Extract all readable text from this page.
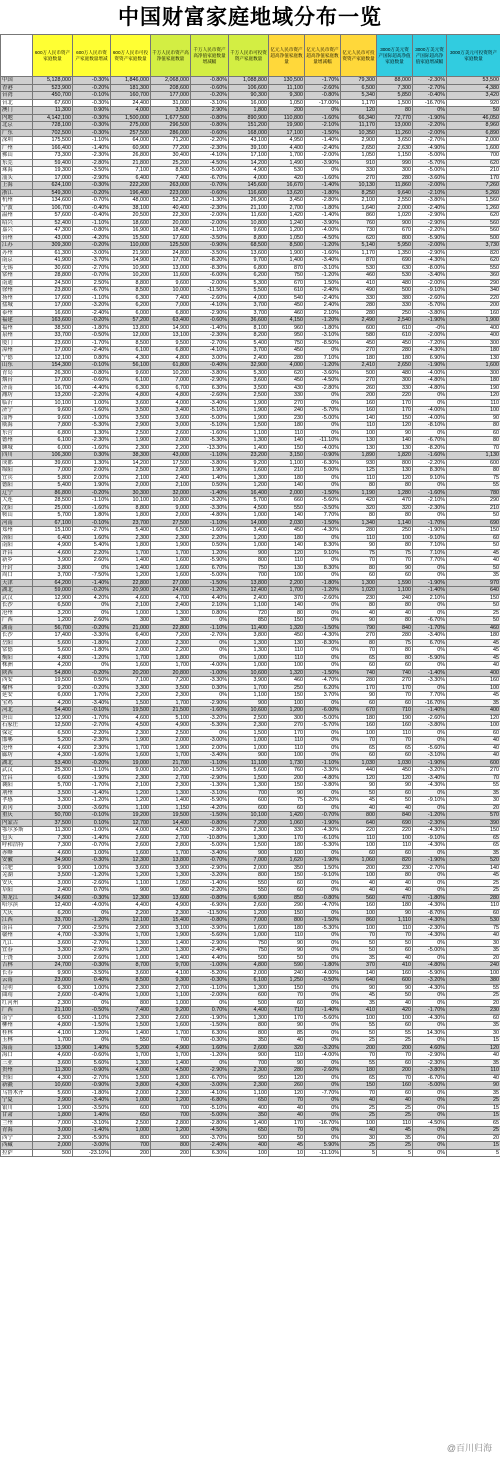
中国财富家庭地域分布一览
	600万人民币资产家庭数量	600万人民币资产家庭数量增减	600万人民币可投资资产家庭数量	千万人民币资产高净值家庭数量	千万人民币资产高净值家庭数量增减幅	千万人民币可投资资产家庭数量	亿元人民币资产超高净值家庭数量	亿元人民币资产超高净值家庭数量增减幅	亿元人民币可投资资产家庭数量	3000万美元资产国际超高净值家庭数量	3000万美元资产国际超高净值家庭增减幅	3000万美元可投资资产家庭数量
中国	5,128,000	-0.30%	1,846,000	2,068,000	-0.80%	1,088,800	130,500	-1.70%	79,300	88,000	-2.30%	53,500
香港	523,900	-0.20%	181,300	208,600	-0.60%	106,600	11,100	-2.60%	6,500	7,300	-2.70%	4,380
台湾	450,700	-0.10%	160,700	177,000	-0.20%	90,300	9,300	-0.80%	5,340	5,850	-0.40%	3,420
台北	67,600	-0.30%	24,400	31,000	-3.10%	16,000	1,050	-17.00%	1,170	1,500	-16.70%	920
澳门	11,300	0.90%	4,000	3,500	2.90%	1,800	200	0%	120	80	0%	50
内地	4,142,100	-0.30%	1,500,000	1,677,500	-0.80%	890,900	110,800	-1.60%	66,340	72,770	-1.90%	46,050
北京	728,100	-0.30%	275,000	296,500	-0.80%	151,200	19,900	-2.10%	11,170	13,000	-2.20%	8,960
广东	702,500	-0.30%	257,500	286,000	-0.60%	168,000	17,100	-1.50%	10,350	11,260	-2.00%	6,890
深圳	175,500	-1.10%	64,000	71,200	-2.20%	43,100	4,950	-1.40%	2,900	3,650	-2.70%	2,000
广州	166,400	-1.40%	60,900	77,200	-2.30%	39,100	4,400	-2.40%	2,650	2,630	-4.90%	1,600
佛山	73,300	-2.30%	26,800	30,400	-4.10%	17,100	1,700	-2.00%	1,050	1,150	-5.00%	700
东莞	59,400	-2.80%	21,800	25,200	-4.50%	14,200	1,490	-3.90%	910	990	-5.70%	620
珠海	19,300	-3.50%	7,100	8,500	-5.00%	4,900	530	0%	330	300	-5.00%	210
汕头	17,000	-2.90%	6,400	7,400	-6.70%	4,000	420	-1.60%	270	280	-3.60%	170
上海	624,100	-0.30%	222,200	263,000	-0.70%	145,600	16,670	-1.40%	10,130	11,860	-2.00%	7,260
浙江	549,300	-0.20%	196,400	223,000	-0.60%	116,600	13,620	-1.80%	8,250	9,640	-2.10%	5,260
杭州	134,600	-0.70%	48,000	52,200	-1.30%	26,900	3,450	-2.80%	2,100	2,550	-3.80%	1,560
宁波	106,700	-0.40%	38,100	40,400	-2.30%	21,100	2,700	-1.80%	1,640	2,000	-2.40%	1,260
温州	57,600	-0.40%	20,500	22,300	-2.00%	11,600	1,420	-1.40%	860	1,020	-2.90%	620
绍兴	52,400	-1.10%	18,600	20,000	-2.00%	10,800	1,240	-3.90%	760	900	-2.90%	560
嘉兴	47,300	-0.80%	16,900	18,400	-1.10%	9,600	1,200	-4.00%	730	670	-2.20%	560
台州	43,000	-4.20%	15,500	17,600	-3.50%	8,800	1,050	-4.50%	620	800	-5.90%	500
江苏	309,300	-0.20%	110,000	125,500	-0.90%	68,500	8,500	-1.20%	5,140	5,950	-2.00%	3,730
苏州	61,300	-3.00%	21,900	24,800	-3.50%	13,600	1,900	-1.60%	1,170	1,350	-2.90%	820
南京	41,900	-3.70%	14,900	17,700	-8.20%	9,700	1,400	-3.40%	870	690	-4.30%	620
无锡	30,600	-2.70%	10,900	13,000	-8.30%	6,800	870	-3.10%	530	630	-8.00%	550
常州	28,800	-0.70%	10,200	11,600	-6.00%	6,200	750	-1.20%	460	530	-3.40%	360
南通	24,500	2.50%	8,800	9,600	-2.00%	5,300	670	1.50%	410	480	-2.00%	290
徐州	23,800	-6.70%	8,500	10,000	-11.50%	5,500	610	-2.40%	490	500	-9.10%	340
扬州	17,600	-1.10%	6,300	7,400	-2.60%	4,000	540	-2.40%	330	380	-2.60%	220
盐城	17,000	-3.20%	6,200	7,000	-4.10%	3,700	450	2.40%	280	330	-5.70%	200
泰州	16,600	-2.40%	6,000	6,800	-2.90%	3,700	460	2.10%	280	250	-3.80%	160
福建	163,600	-0.20%	57,200	63,400	-0.60%	36,600	4,150	-1.20%	2,490	2,540	-1.90%	1,900
福州	38,500	-1.80%	13,800	14,900	-1.40%	8,100	960	-1.80%	600	610	-0%	400
泉州	33,700	-0.50%	12,000	13,100	-2.30%	8,200	950	-3.10%	580	610	-2.00%	400
厦门	23,600	-1.70%	8,500	9,500	-2.70%	5,400	750	-8.50%	450	450	-7.20%	300
漳州	17,000	-2.40%	6,100	6,800	-4.10%	3,700	450	0%	270	280	-4.30%	180
宁德	12,100	0.80%	4,300	4,800	3.00%	2,400	280	7.10%	180	180	6.90%	130
山东	154,300	-0.10%	56,100	61,800	-0.40%	32,900	4,000	-1.20%	2,410	2,650	-1.90%	1,600
青岛	26,300	-0.80%	9,600	10,200	-3.80%	5,300	620	-3.60%	500	480	-4.00%	300
烟台	17,000	-0.60%	6,100	7,000	-2.90%	3,600	450	-4.50%	270	300	-4.80%	180
济南	16,700	-4.40%	6,300	6,700	6.30%	3,500	430	-2.80%	260	330	-4.80%	190
潍坊	13,200	-2.20%	4,800	4,800	-2.60%	2,500	330	0%	200	220	0%	120
临沂	10,100	1.00%	3,600	4,000	-3.40%	1,900	270	0%	160	170	0%	110
济宁	9,600	-1.60%	3,500	3,400	-5.10%	1,900	240	-5.70%	160	170	-4.00%	100
淄博	9,600	-1.00%	3,500	3,600	-5.00%	1,900	230	-5.00%	140	150	-4.00%	90
威海	7,800	-5.30%	2,900	3,000	-5.10%	1,500	180	0%	110	120	-8.10%	80
东营	6,800	1.30%	2,500	2,600	-1.60%	1,100	110	0%	100	90	0%	60
德州	6,100	-2.30%	1,900	2,000	-5.30%	1,300	140	-11.10%	130	140	-6.70%	80
聊城	6,000	-1.60%	2,300	2,200	-13.30%	1,400	150	-4.00%	130	130	-8.20%	70
四川	106,300	0.30%	38,300	43,000	-1.10%	23,200	3,150	-0.90%	1,890	1,820	-1.60%	1,130
成都	39,600	1.30%	14,200	17,500	-3.80%	9,200	1,100	-6.30%	930	800	-2.20%	600
绵阳	7,000	2.00%	2,500	2,900	1.90%	1,600	210	5.00%	125	130	8.30%	80
宜宾	5,800	2.00%	2,100	2,400	1.40%	1,300	180	0%	110	120	9.10%	75
德阳	5,400	1.90%	2,000	2,100	0.50%	1,200	140	0%	80	80	0%	55
辽宁	86,800	-0.20%	30,300	32,000	-1.40%	16,400	2,000	-1.50%	1,190	1,280	-1.60%	780
大连	28,500	-1.10%	10,100	10,800	-3.20%	5,700	660	-5.60%	420	470	-2.10%	290
沈阳	25,000	-1.60%	8,800	9,000	-3.30%	4,500	550	-3.50%	320	320	-2.30%	210
鞍山	5,700	1.80%	1,800	2,000	-4.80%	1,000	140	7.70%	80	80	0%	50
河南	67,100	-0.10%	23,700	27,500	-1.10%	14,000	2,030	-1.50%	1,340	1,140	-1.70%	690
郑州	15,100	-2.70%	5,400	6,500	-1.60%	3,400	450	-4.30%	280	250	-1.90%	150
洛阳	6,400	1.60%	2,300	2,300	2.20%	1,200	180	0%	110	100	-9.10%	60
南阳	4,900	5.40%	1,800	1,900	0.50%	1,000	140	8.30%	90	80	7.10%	50
许昌	4,600	2.20%	1,700	1,700	1.20%	900	120	9.10%	75	75	7.10%	45
新乡	3,900	2.60%	1,400	1,600	-5.90%	800	110	0%	70	70	7.70%	40
开封	3,800	0%	1,400	1,600	6.70%	750	130	8.30%	80	90	0%	50
周口	3,700	-7.50%	1,200	1,600	-5.00%	700	100	0%	60	60	0%	35
天津	64,200	-1.40%	22,800	27,000	-1.50%	13,800	2,200	-1.80%	1,300	1,590	-1.90%	970
湖北	59,000	-0.20%	20,900	24,000	-1.20%	12,400	1,700	-1.20%	1,020	1,100	-1.40%	640
武汉	12,900	4.20%	4,600	4,700	4.40%	2,400	370	-2.60%	230	240	2.10%	150
长沙	6,500	0%	2,100	2,400	2.10%	1,100	140	0%	80	80	0%	50
沧州	3,200	0%	1,000	1,300	0.80%	720	80	0%	40	40	0%	25
广西	1,200	2.60%	300	300	0%	850	150	0%	90	80	-6.70%	50
湖南	56,700	-0.20%	21,000	22,800	-1.10%	11,400	1,320	-1.50%	790	840	-1.70%	460
长沙	17,400	-3.30%	6,400	7,200	-2.70%	3,800	450	-4.30%	270	280	-3.40%	180
岳阳	5,600	-1.80%	2,000	2,300	0%	1,300	130	-8.30%	80	75	6.70%	45
常德	5,600	-1.80%	2,000	2,200	0%	1,300	110	0%	70	80	0%	45
衡阳	4,800	-1.20%	1,700	1,800	0%	1,000	110	0%	65	80	-5.90%	45
株洲	4,200	0%	1,600	1,700	-4.00%	1,000	100	0%	60	60	0%	40
陕西	54,800	-0.20%	20,200	20,800	-1.00%	10,600	1,320	-1.50%	740	740	-1.40%	400
西安	19,500	0.50%	7,100	7,200	-3.30%	3,900	460	-4.70%	280	270	-3.30%	160
榆林	9,200	-0.20%	3,300	3,500	0.30%	1,700	250	6.20%	170	170	0%	100
延安	6,000	1.70%	2,200	2,300	0%	1,100	150	3.70%	90	70	7.70%	45
宝鸡	4,200	-3.40%	1,500	1,700	-2.90%	900	100	0%	60	60	-16.70%	35
河北	54,400	-0.10%	19,500	21,500	-1.60%	10,600	1,200	-6.00%	670	710	-1.40%	400
唐山	12,900	-1.70%	4,600	5,100	-3.20%	2,500	300	-5.00%	180	190	-2.60%	120
石家庄	12,500	-2.70%	4,500	4,900	-5.30%	2,300	270	-5.70%	160	160	-3.80%	100
保定	6,500	-2.20%	2,300	2,500	0%	1,500	170	0%	100	110	0%	60
邯郸	5,200	-2.30%	1,900	2,000	-3.00%	1,000	110	0%	70	70	0%	40
沧州	4,600	2.30%	1,700	1,900	2.00%	1,000	110	0%	65	65	-5.60%	40
廊坊	4,300	-1.60%	1,600	1,700	-3.40%	900	100	0%	60	60	-3.10%	40
湖北	53,400	-0.20%	19,000	21,700	-1.10%	11,100	1,730	-1.10%	1,030	1,030	-1.90%	600
武汉	25,300	-1.10%	9,000	10,200	-1.50%	5,600	760	-3.30%	440	450	-3.20%	270
宜昌	6,600	-1.90%	2,300	2,700	-2.90%	1,500	200	-4.80%	120	120	-3.40%	70
襄阳	5,700	-1.70%	2,100	2,300	-1.30%	1,300	150	-3.80%	90	90	-4.30%	55
荆州	3,500	-1.40%	1,200	1,300	-3.10%	700	90	0%	50	60	0%	35
孝感	3,300	-1.20%	1,200	1,400	-5.90%	600	75	-6.20%	45	50	-9.10%	30
黄冈	3,000	-3.60%	1,100	1,150	-4.20%	600	60	0%	40	40	0%	20
重庆	50,700	-0.10%	19,200	19,500	-1.50%	10,100	1,420	-0.70%	800	840	-1.20%	570
内蒙古	37,500	0.10%	12,700	14,400	-0.80%	7,200	1,060	-1.90%	640	690	-2.30%	390
鄂尔多斯	11,300	-1.00%	4,000	4,500	-2.80%	2,300	330	-4.30%	220	220	-4.30%	150
包头	7,300	-1.40%	2,600	2,700	-10.80%	1,300	170	-6.10%	110	100	-9.10%	65
呼和浩特	7,300	-0.70%	2,600	2,800	-5.00%	1,500	180	-5.30%	100	110	-4.30%	65
赤峰	4,600	1.00%	1,600	1,700	-3.40%	900	100	0%	60	60	0%	35
安徽	34,900	-0.30%	12,300	13,800	-0.70%	7,000	1,620	-1.90%	1,060	820	-1.90%	520
合肥	9,900	1.00%	3,600	3,900	-2.90%	2,000	350	1.50%	200	230	-2.70%	140
芜湖	3,500	-1.20%	1,200	1,300	-3.20%	800	150	-9.10%	100	80	0%	45
安庆	3,000	-2.60%	1,100	1,050	-1.40%	550	60	0%	40	40	0%	25
阜阳	2,400	0.70%	900	900	-2.20%	550	60	0%	40	40	0%	25
黑龙江	34,600	-0.30%	12,300	13,600	-0.80%	6,900	850	-0.80%	560	470	-1.80%	280
哈尔滨	12,400	-4.00%	4,400	4,900	-6.90%	2,600	290	-4.70%	160	180	-4.30%	110
大庆	6,200	0%	2,200	2,300	-11.50%	1,200	150	0%	100	90	-8.70%	60
江西	33,700	-1.20%	12,100	15,400	-0.80%	7,000	800	-1.50%	860	1,110	-4.30%	530
南昌	7,900	-2.50%	2,900	3,100	-3.90%	1,600	180	-5.30%	100	110	-2.30%	75
赣州	4,700	-3.30%	1,700	1,900	-5.60%	1,000	110	0%	70	70	-4.30%	40
九江	3,600	-2.70%	1,300	1,400	-2.90%	750	90	0%	50	50	0%	30
宜春	3,300	-2.90%	1,200	1,300	-2.40%	750	90	0%	50	60	-5.00%	35
上饶	3,000	2.60%	1,000	1,400	4.40%	500	50	0%	35	40	0%	20
吉林	24,700	-0.30%	8,700	9,700	-1.00%	4,800	590	-1.80%	370	410	-4.80%	240
长春	9,900	-3.50%	3,600	4,100	-5.20%	2,000	240	-4.00%	140	160	-5.90%	100
云南	23,000	0.40%	8,500	9,300	-0.30%	6,100	1,250	-0.50%	640	600	-3.20%	380
昆明	6,300	1.00%	2,300	2,700	-1.10%	1,300	150	0%	90	90	-4.30%	55
曲靖	2,600	-0.40%	1,000	1,100	-2.00%	600	70	0%	45	50	0%	25
红河州	2,300	0%	800	1,000	0%	500	60	0%	35	40	0%	20
广西	21,100	-0.50%	7,400	9,200	0.70%	4,400	710	-1.40%	410	420	-1.70%	230
南宁	6,500	-1.10%	2,300	2,600	-1.90%	1,300	170	-5.60%	100	100	-4.30%	60
柳州	4,800	-1.50%	1,500	1,600	-1.50%	800	90	0%	55	60	0%	35
桂林	4,100	1.20%	1,400	1,700	6.30%	800	85	0%	50	55	14.30%	30
玉林	1,700	0%	550	700	-0.30%	350	40	0%	25	25	0%	15
海南	13,900	1.40%	5,200	4,900	1.60%	2,600	320	-3.20%	200	200	4.60%	120
海口	4,600	-0.60%	1,700	1,700	-1.20%	900	110	-4.00%	70	70	-2.90%	40
三亚	3,600	5.60%	1,300	1,400	0%	700	90	0%	55	60	-2.30%	35
贵州	11,300	-0.90%	4,000	4,500	-2.90%	2,300	280	-2.60%	180	200	-3.80%	110
贵阳	4,300	-2.70%	1,500	1,800	-6.70%	950	120	0%	65	70	-6.70%	40
新疆	10,600	-0.90%	3,800	4,300	-3.00%	2,300	260	0%	150	160	-5.00%	90
乌鲁木齐	5,600	-1.80%	2,000	2,300	-4.10%	1,100	120	-7.70%	70	60	0%	35
宁夏	2,900	-3.40%	1,000	1,200	-6.80%	650	70	0%	40	40	0%	25
银川	1,900	-3.50%	600	700	-5.10%	400	40	0%	25	25	0%	15
甘肃	1,800	1.40%	650	700	-5.00%	350	40	0%	25	25	0%	15
兰州	7,000	-3.10%	2,500	2,800	-2.80%	1,400	170	-16.70%	100	110	-4.50%	65
青海	3,000	-1.40%	1,000	1,200	-4.50%	650	70	0%	40	45	0%	25
西宁	2,300	-5.90%	800	900	-3.70%	500	50	0%	30	35	0%	20
西藏	2,000	-3.00%	700	800	-2.40%	400	45	5.90%	25	25	0%	15
拉萨	500	-23.10%	200	200	6.30%	100	10	-11.10%	5	5	0%	5
@百川归海
